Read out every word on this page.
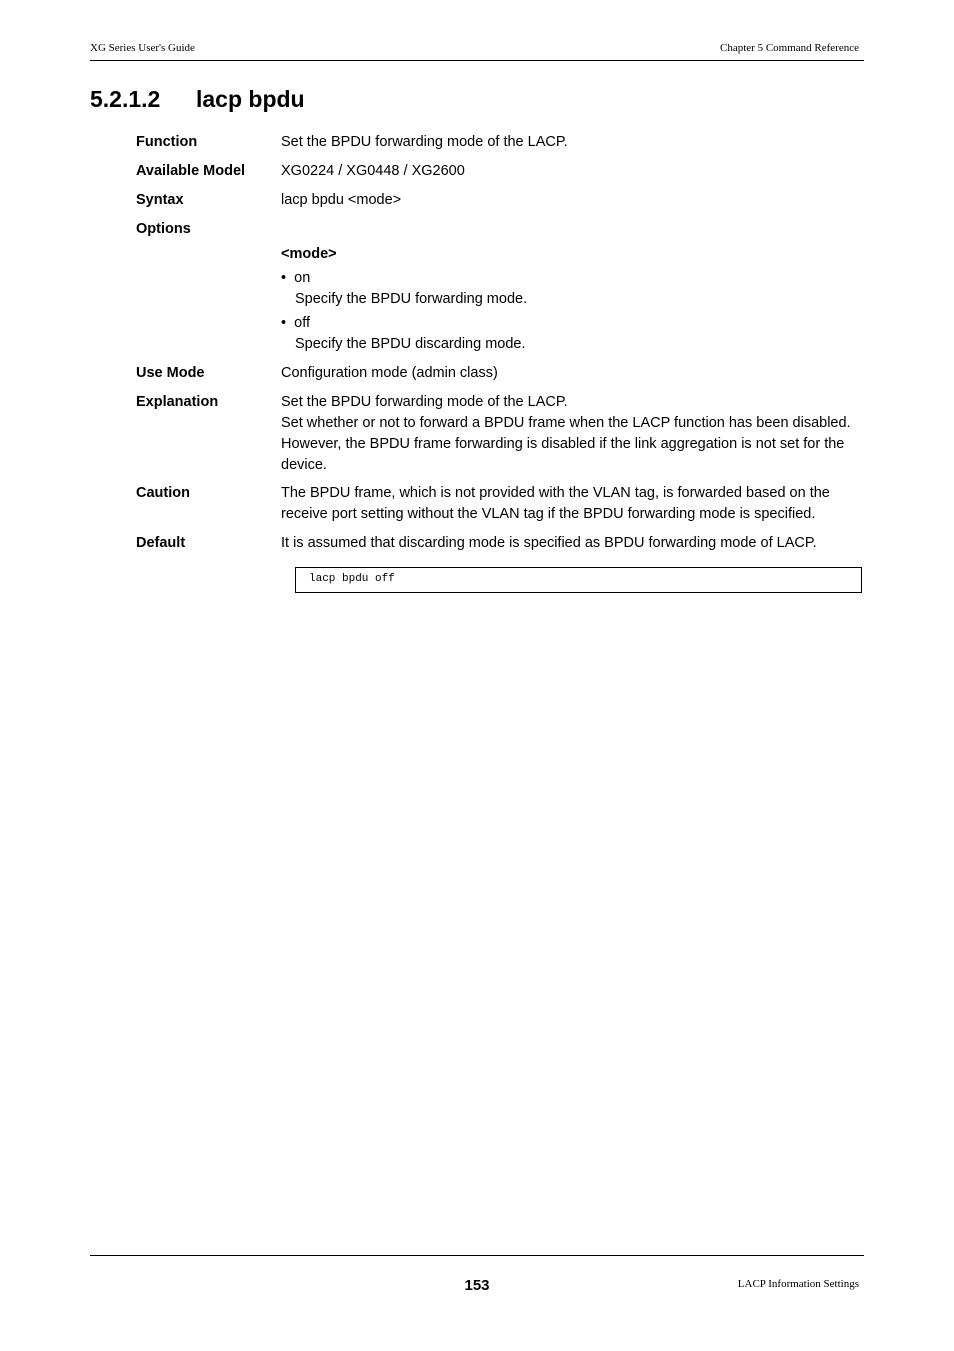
XG Series User's Guide	Chapter 5 Command Reference
5.2.1.2 lacp bpdu
Function	Set the BPDU forwarding mode of the LACP.
Available Model	XG0224 / XG0448 / XG2600
Syntax	lacp bpdu <mode>
Options
<mode>
• on
Specify the BPDU forwarding mode.
• off
Specify the BPDU discarding mode.
Use Mode	Configuration mode (admin class)
Explanation	Set the BPDU forwarding mode of the LACP.
Set whether or not to forward a BPDU frame when the LACP function has been disabled.
However, the BPDU frame forwarding is disabled if the link aggregation is not set for the
device.
Caution	The BPDU frame, which is not provided with the VLAN tag, is forwarded based on the
receive port setting without the VLAN tag if the BPDU forwarding mode is specified.
Default	It is assumed that discarding mode is specified as BPDU forwarding mode of LACP.
lacp bpdu off
153	LACP Information Settings
